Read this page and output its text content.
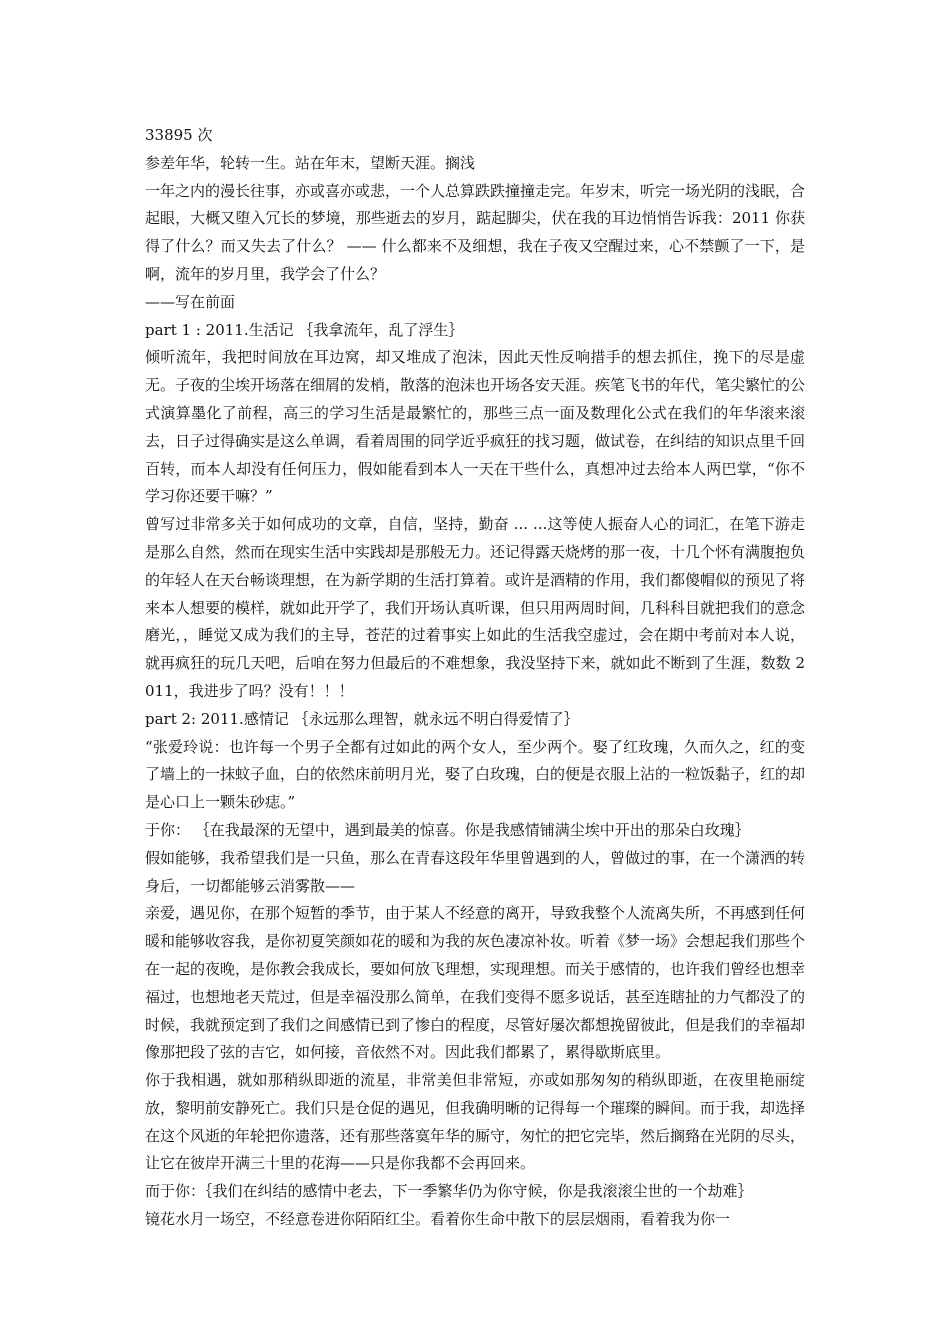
33895 次

参差年华，轮转一生。站在年末，望断天涯。搁浅

一年之内的漫长往事，亦或喜亦或悲，一个人总算跌跌撞撞走完。年岁末，听完一场光阴的浅眠，合起眼，大概又堕入冗长的梦境，那些逝去的岁月，踮起脚尖，伏在我的耳边悄悄告诉我：2011 你获得了什么？而又失去了什么？ —— 什么都来不及细想，我在子夜又空醒过来，心不禁颤了一下，是啊，流年的岁月里，我学会了什么？

——写在前面

part 1 : 2011.生活记 ｛我拿流年，乱了浮生｝

倾听流年，我把时间放在耳边窝，却又堆成了泡沫，因此天性反响措手的想去抓住，挽下的尽是虚无。子夜的尘埃开场落在细屑的发梢，散落的泡沫也开场各安天涯。疾笔飞书的年代，笔尖繁忙的公式演算墨化了前程，高三的学习生活是最繁忙的，那些三点一面及数理化公式在我们的年华滚来滚去，日子过得确实是这么单调，看着周围的同学近乎疯狂的找习题，做试卷，在纠结的知识点里千回百转，而本人却没有任何压力，假如能看到本人一天在干些什么，真想冲过去给本人两巴掌，“你不学习你还要干嘛？”

曾写过非常多关于如何成功的文章，自信，坚持，勤奋 ... ...这等使人振奋人心的词汇，在笔下游走是那么自然，然而在现实生活中实践却是那般无力。还记得露天烧烤的那一夜，十几个怀有满腹抱负的年轻人在天台畅谈理想，在为新学期的生活打算着。或许是酒精的作用，我们都傻帽似的预见了将来本人想要的模样，就如此开学了，我们开场认真听课，但只用两周时间，几科科目就把我们的意念磨光，，睡觉又成为我们的主导，苍茫的过着事实上如此的生活我空虚过，会在期中考前对本人说，就再疯狂的玩几天吧，后咱在努力但最后的不难想象，我没坚持下来，就如此不断到了生涯，数数 2011，我进步了吗？没有！！！

part 2: 2011.感情记 ｛永远那么理智，就永远不明白得爱情了｝

“张爱玲说：也许每一个男子全都有过如此的两个女人，至少两个。娶了红玫瑰，久而久之，红的变了墙上的一抹蚊子血，白的依然床前明月光，娶了白玫瑰，白的便是衣服上沾的一粒饭黏子，红的却是心口上一颗朱砂痣。”

于你： ｛在我最深的无望中，遇到最美的惊喜。你是我感情铺满尘埃中开出的那朵白玫瑰｝

假如能够，我希望我们是一只鱼，那么在青春这段年华里曾遇到的人，曾做过的事，在一个潇洒的转身后，一切都能够云消雾散——

亲爱，遇见你，在那个短暂的季节，由于某人不经意的离开，导致我整个人流离失所，不再感到任何暖和能够收容我，是你初夏笑颜如花的暖和为我的灰色凄凉补妆。听着《梦一场》会想起我们那些个在一起的夜晚，是你教会我成长，要如何放飞理想，实现理想。而关于感情的，也许我们曾经也想幸福过，也想地老天荒过，但是幸福没那么简单，在我们变得不愿多说话，甚至连瞎扯的力气都没了的时候，我就预定到了我们之间感情已到了惨白的程度，尽管好屡次都想挽留彼此，但是我们的幸福却像那把段了弦的吉它，如何接，音依然不对。因此我们都累了，累得歇斯底里。

你于我相遇，就如那稍纵即逝的流星，非常美但非常短，亦或如那匆匆的稍纵即逝，在夜里艳丽绽放，黎明前安静死亡。我们只是仓促的遇见，但我确明晰的记得每一个璀璨的瞬间。而于我，却选择在这个风逝的年轮把你遗落，还有那些落寞年华的厮守，匆忙的把它完毕，然后搁臵在光阴的尽头，让它在彼岸开满三十里的花海——只是你我都不会再回来。

而于你：｛我们在纠结的感情中老去，下一季繁华仍为你守候，你是我滚滚尘世的一个劫难｝

镜花水月一场空，不经意卷进你陌陌红尘。看着你生命中散下的层层烟雨，看着我为你一
